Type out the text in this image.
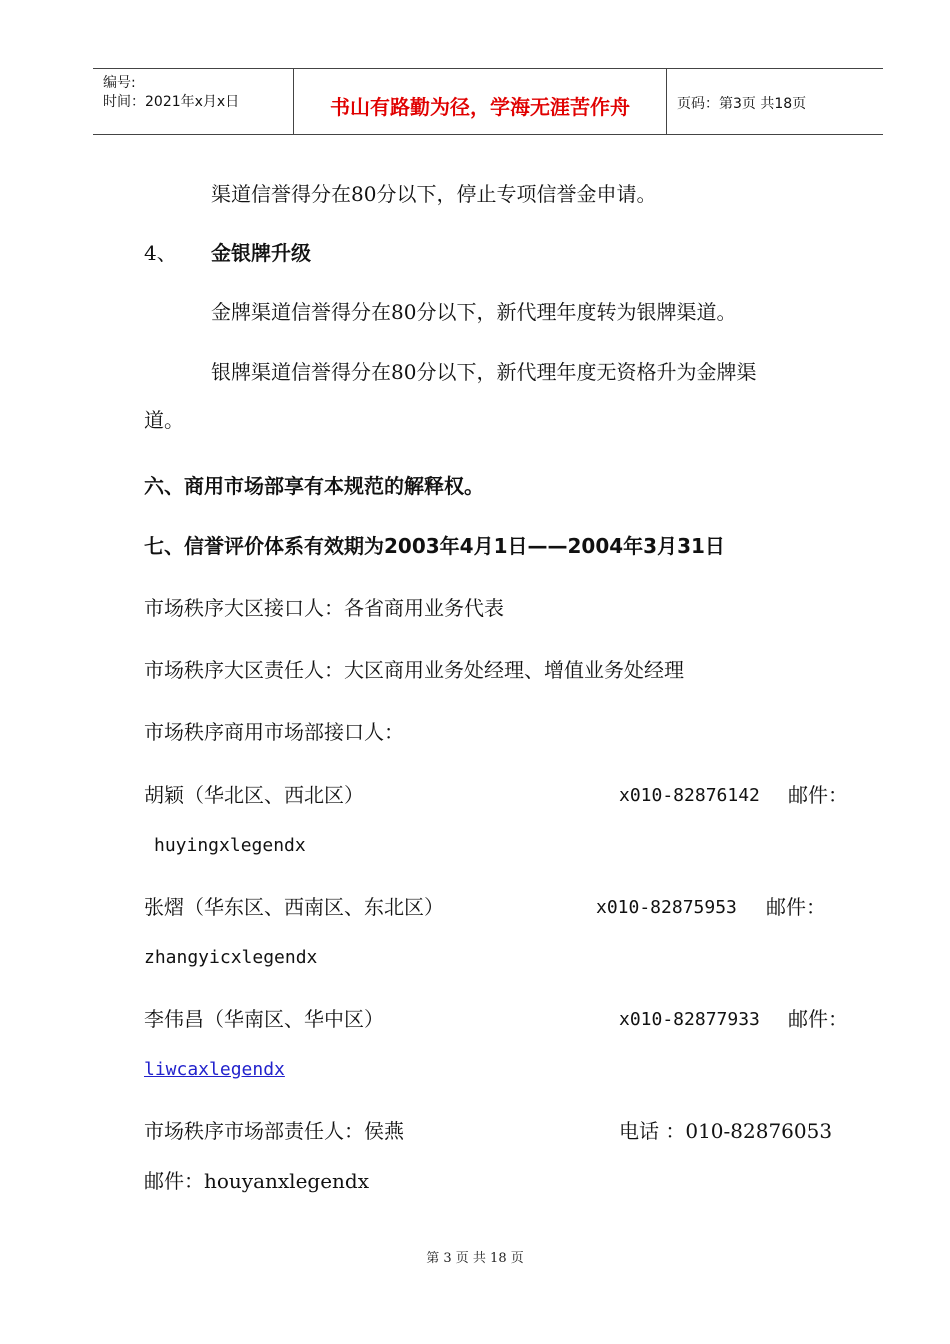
编号:
时间：2021年x月x日	书山有路勤为径，学海无涯苦作舟	页码：第3页 共18页
渠道信誉得分在80分以下，停止专项信誉金申请。
4、 金银牌升级
金牌渠道信誉得分在80分以下，新代理年度转为银牌渠道。
银牌渠道信誉得分在80分以下，新代理年度无资格升为金牌渠
道。
六、商用市场部享有本规范的解释权。
七、信誉评价体系有效期为2003年4月1日——2004年3月31日
市场秩序大区接口人：各省商用业务代表
市场秩序大区责任人：大区商用业务处经理、增值业务处经理
市场秩序商用市场部接口人：
胡颖（华北区、西北区）	x010-82876142 邮件：
huyingxlegendx
张熠（华东区、西南区、东北区）	x010-82875953 邮件：
zhangyicxlegendx
李伟昌（华南区、华中区）	x010-82877933 邮件：
liwcaxlegendx
市场秩序市场部责任人：侯燕	电话 ：010-82876053
邮件：houyanxlegendx
第 3 页 共 18 页
